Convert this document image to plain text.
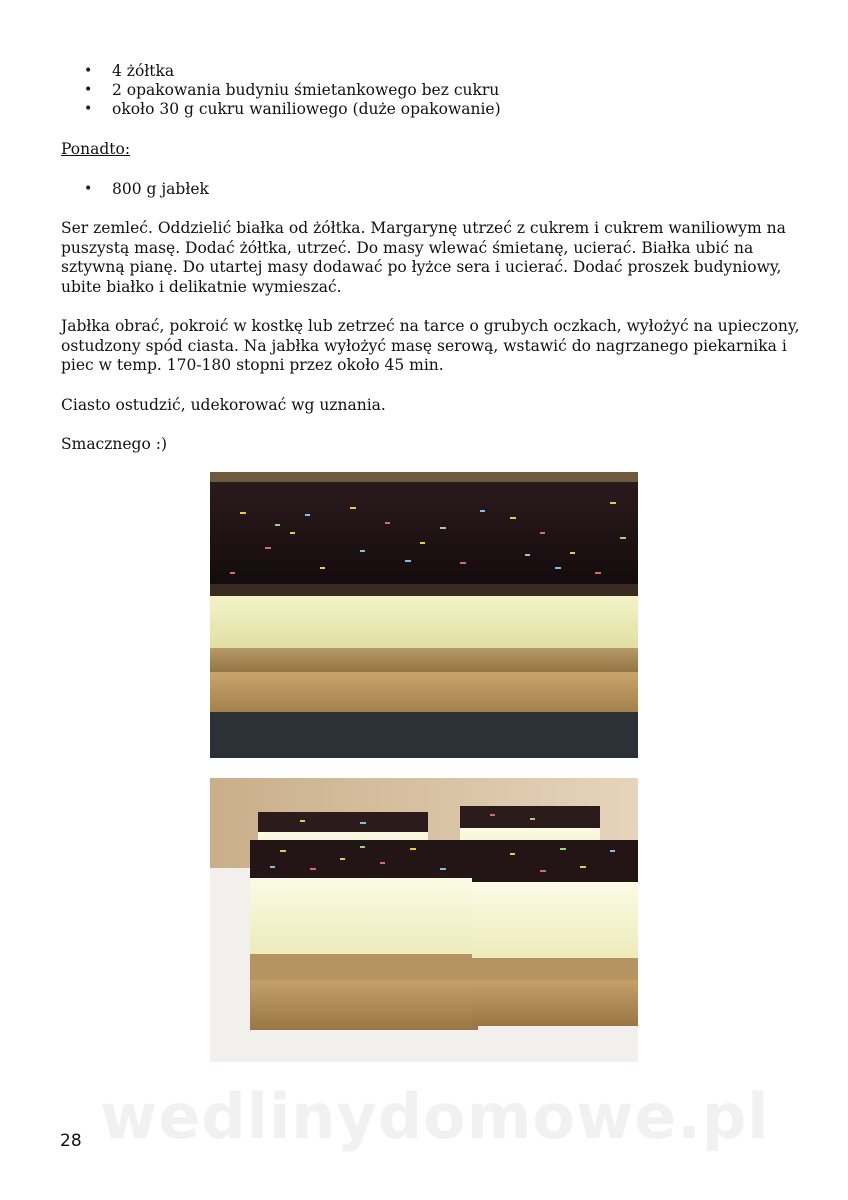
• 4 żółtka
• 2 opakowania budyniu śmietankowego bez cukru
• około 30 g cukru waniliowego (duże opakowanie)

Ponadto:

• 800 g jabłek

Ser zemleć. Oddzielić białka od żółtka. Margarynę utrzeć z cukrem i cukrem waniliowym na puszystą masę. Dodać żółtka, utrzeć. Do masy wlewać śmietanę, ucierać. Białka ubić na sztywną pianę. Do utartej masy dodawać po łyżce sera i ucierać. Dodać proszek budyniowy, ubite białko i delikatnie wymieszać.

Jabłka obrać, pokroić w kostkę lub zetrzeć na tarce o grubych oczkach, wyłożyć na upieczony, ostudzony spód ciasta. Na jabłka wyłożyć masę serową, wstawić do nagrzanego piekarnika i piec w temp. 170-180 stopni przez około 45 min.

Ciasto ostudzić, udekorować wg uznania.

Smacznego :)

wedlinydomowe.pl
28
